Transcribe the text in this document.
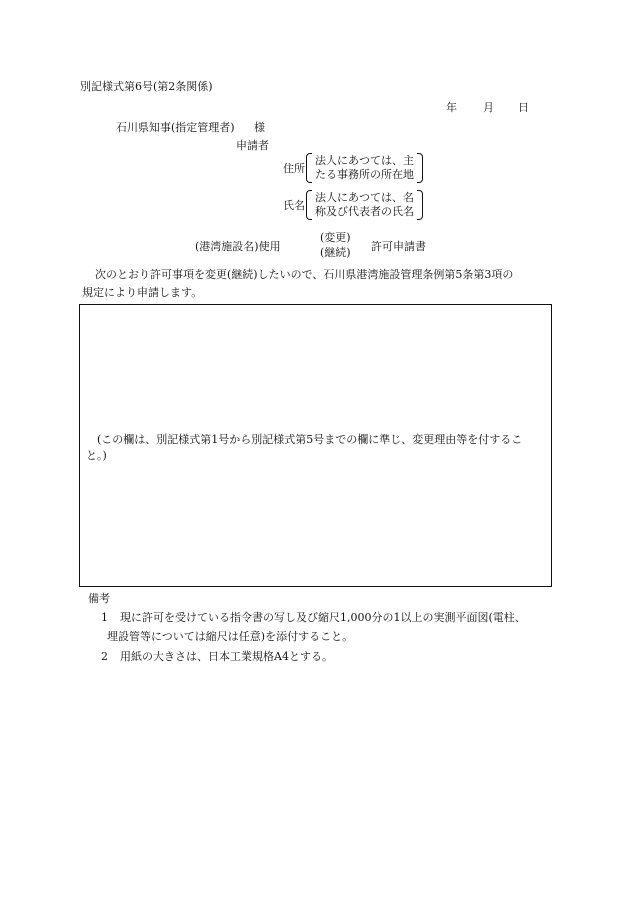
別記様式第6号(第2条関係)
年 月 日
石川県知事(指定管理者) 様
申請者
住所
法人にあつては、主
たる事務所の所在地
氏名
法人にあつては、名
称及び代表者の氏名
(港湾施設名)使用
(変更)
(継続) 許可申請書
次のとおり許可事項を変更(継続)したいので、石川県港湾施設管理条例第5条第3項の
規定により申請します。
(この欄は、別記様式第1号から別記様式第5号までの欄に準じ、変更理由等を付すること。)
備考
1 現に許可を受けている指令書の写し及び縮尺1,000分の1以上の実測平面図(電柱、
埋設管等については縮尺は任意)を添付すること。
2 用紙の大きさは、日本工業規格A4とする。
